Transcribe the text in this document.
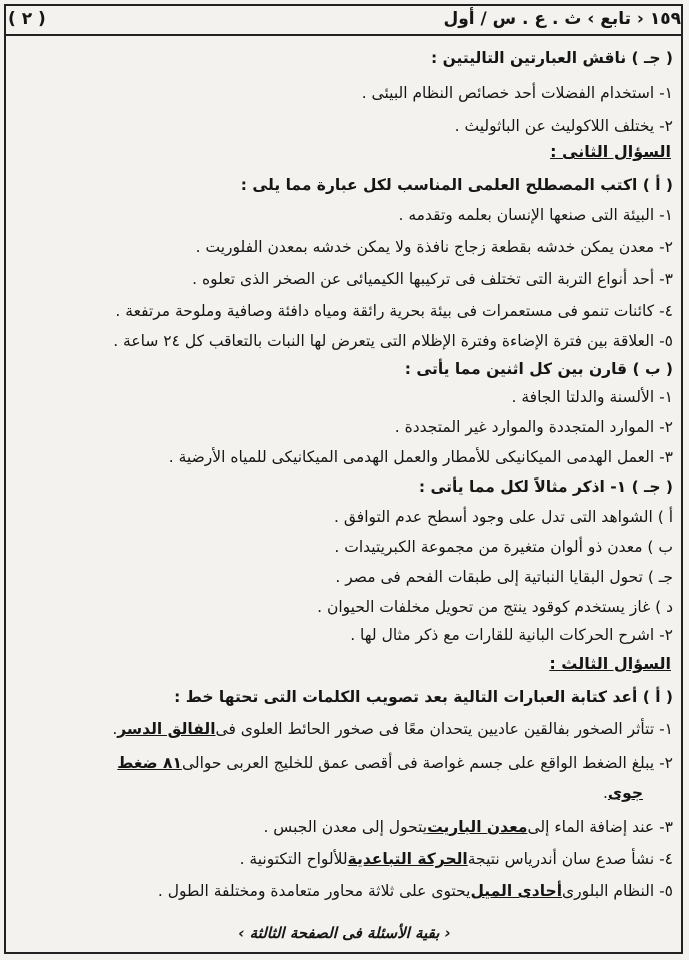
١٥٩ ‹ تابع › ث . ع . س / أول
( ٢ )
( جـ ) ناقش العبارتين التاليتين :
١- استخدام الفضلات أحد خصائص النظام البيئى .
٢- يختلف اللاكوليث عن الباثوليث .
السؤال الثانى :
( أ ) اكتب المصطلح العلمى المناسب لكل عبارة مما يلى :
١- البيئة التى صنعها الإنسان بعلمه وتقدمه .
٢- معدن يمكن خدشه بقطعة زجاج نافذة ولا يمكن خدشه بمعدن الفلوريت .
٣- أحد أنواع التربة التى تختلف فى تركيبها الكيميائى عن الصخر الذى تعلوه .
٤- كائنات تنمو فى مستعمرات فى بيئة بحرية رائقة ومياه دافئة وصافية وملوحة مرتفعة .
٥- العلاقة بين فترة الإضاءة وفترة الإظلام التى يتعرض لها النبات بالتعاقب كل ٢٤ ساعة .
( ب ) قارن بين كل اثنين مما يأتى :
١- الألسنة والدلتا الجافة .
٢- الموارد المتجددة والموارد غير المتجددة .
٣- العمل الهدمى الميكانيكى للأمطار والعمل الهدمى الميكانيكى للمياه الأرضية .
( جـ ) ١- اذكر مثالاً لكل مما يأتى :
أ ) الشواهد التى تدل على وجود أسطح عدم التوافق .
ب ) معدن ذو ألوان متغيرة من مجموعة الكبريتيدات .
جـ ) تحول البقايا النباتية إلى طبقات الفحم فى مصر .
د ) غاز يستخدم كوقود ينتج من تحويل مخلفات الحيوان .
٢- اشرح الحركات البانية للقارات مع ذكر مثال لها .
السؤال الثالث :
( أ ) أعد كتابة العبارات التالية بعد تصويب الكلمات التى تحتها خط :
١- تتأثر الصخور بفالقين عاديين يتحدان معًا فى صخور الحائط العلوى فى
الفالق الدسر
.
٢- يبلغ الضغط الواقع على جسم غواصة فى أقصى عمق للخليج العربى حوالى
٨١ ضغط
جوى
.
٣- عند إضافة الماء إلى
معدن الباريت
يتحول إلى معدن الجبس .
٤- نشأ صدع سان أندرياس نتيجة
الحركة التباعدية
للألواح التكتونية .
٥- النظام البلورى
أحادى الميل
يحتوى على ثلاثة محاور متعامدة ومختلفة الطول .
‹ بقية الأسئلة فى الصفحة الثالثة ›
